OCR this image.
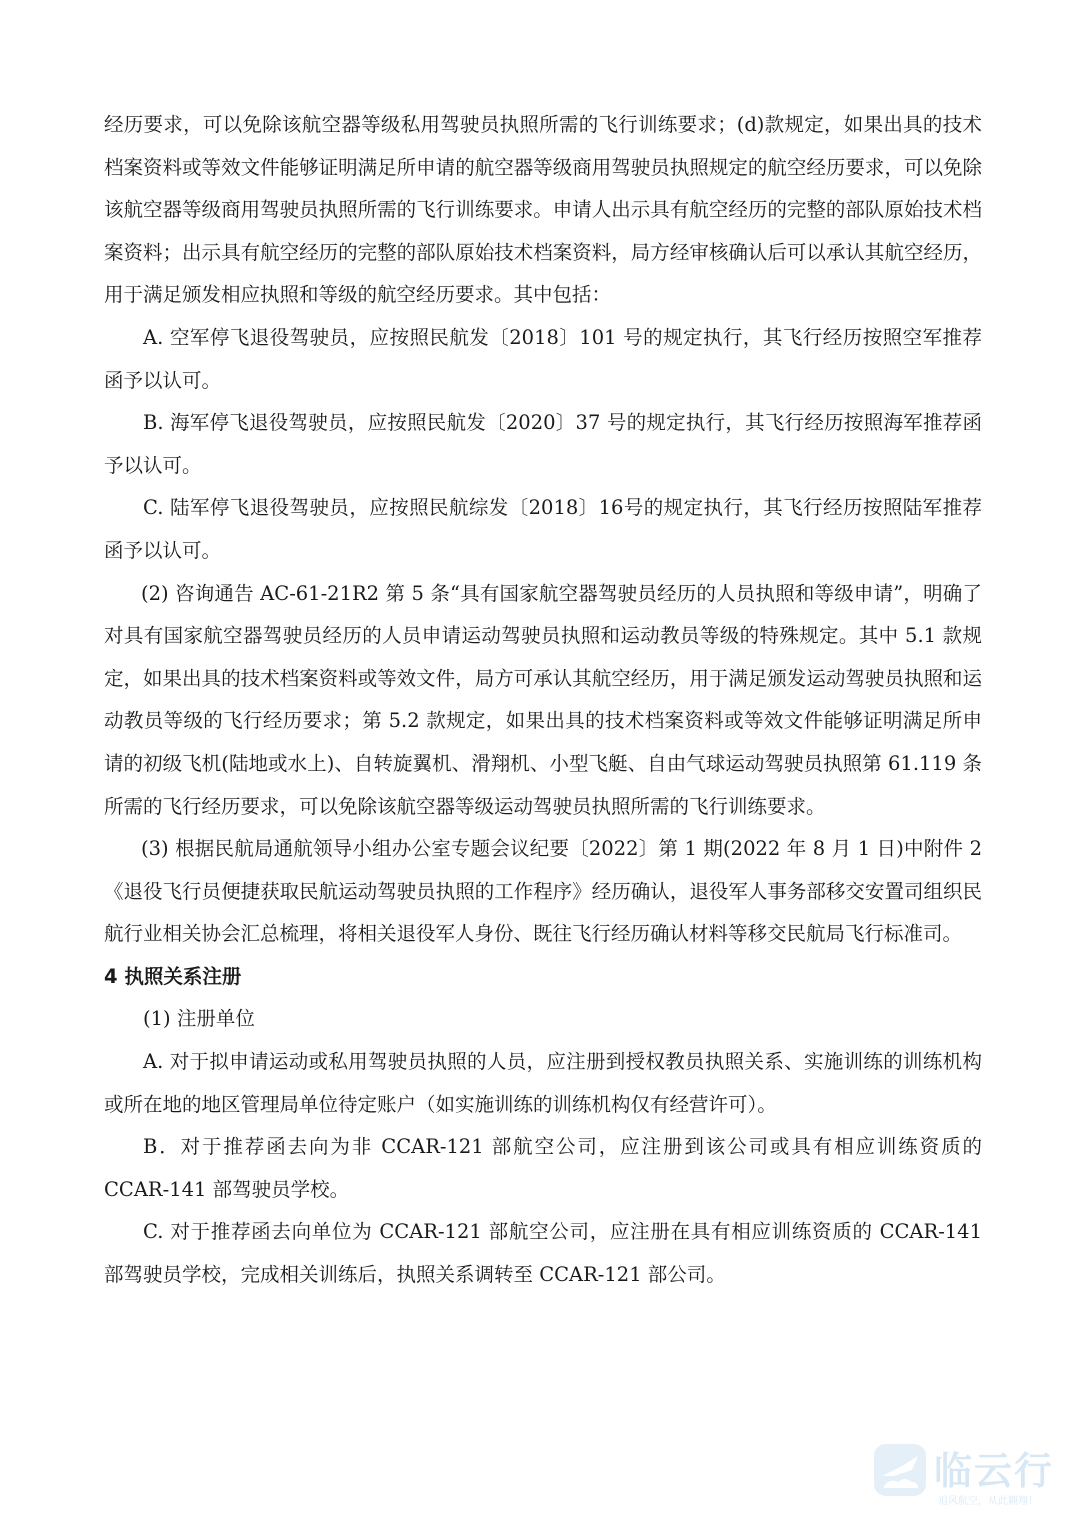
经历要求，可以免除该航空器等级私用驾驶员执照所需的飞行训练要求；(d)款规定，如果出具的技术档案资料或等效文件能够证明满足所申请的航空器等级商用驾驶员执照规定的航空经历要求，可以免除该航空器等级商用驾驶员执照所需的飞行训练要求。申请人出示具有航空经历的完整的部队原始技术档案资料；出示具有航空经历的完整的部队原始技术档案资料，局方经审核确认后可以承认其航空经历，用于满足颁发相应执照和等级的航空经历要求。其中包括：

A. 空军停飞退役驾驶员，应按照民航发〔2018〕101 号的规定执行，其飞行经历按照空军推荐函予以认可。

B. 海军停飞退役驾驶员，应按照民航发〔2020〕37 号的规定执行，其飞行经历按照海军推荐函予以认可。

C. 陆军停飞退役驾驶员，应按照民航综发〔2018〕16号的规定执行，其飞行经历按照陆军推荐函予以认可。

(2) 咨询通告 AC-61-21R2 第 5 条“具有国家航空器驾驶员经历的人员执照和等级申请”，明确了对具有国家航空器驾驶员经历的人员申请运动驾驶员执照和运动教员等级的特殊规定。其中 5.1 款规定，如果出具的技术档案资料或等效文件，局方可承认其航空经历，用于满足颁发运动驾驶员执照和运动教员等级的飞行经历要求；第 5.2 款规定，如果出具的技术档案资料或等效文件能够证明满足所申请的初级飞机(陆地或水上)、自转旋翼机、滑翔机、小型飞艇、自由气球运动驾驶员执照第 61.119 条所需的飞行经历要求，可以免除该航空器等级运动驾驶员执照所需的飞行训练要求。

(3) 根据民航局通航领导小组办公室专题会议纪要〔2022〕第 1 期(2022 年 8 月 1 日)中附件 2《退役飞行员便捷获取民航运动驾驶员执照的工作程序》经历确认，退役军人事务部移交安置司组织民航行业相关协会汇总梳理，将相关退役军人身份、既往飞行经历确认材料等移交民航局飞行标准司。

4 执照关系注册

(1) 注册单位

A. 对于拟申请运动或私用驾驶员执照的人员，应注册到授权教员执照关系、实施训练的训练机构或所在地的地区管理局单位待定账户（如实施训练的训练机构仅有经营许可）。

B．对于推荐函去向为非 CCAR-121 部航空公司，应注册到该公司或具有相应训练资质的 CCAR-141 部驾驶员学校。

C. 对于推荐函去向单位为 CCAR-121 部航空公司，应注册在具有相应训练资质的 CCAR-141 部驾驶员学校，完成相关训练后，执照关系调转至 CCAR-121 部公司。

临云行
追风航空，从此翱翔！
